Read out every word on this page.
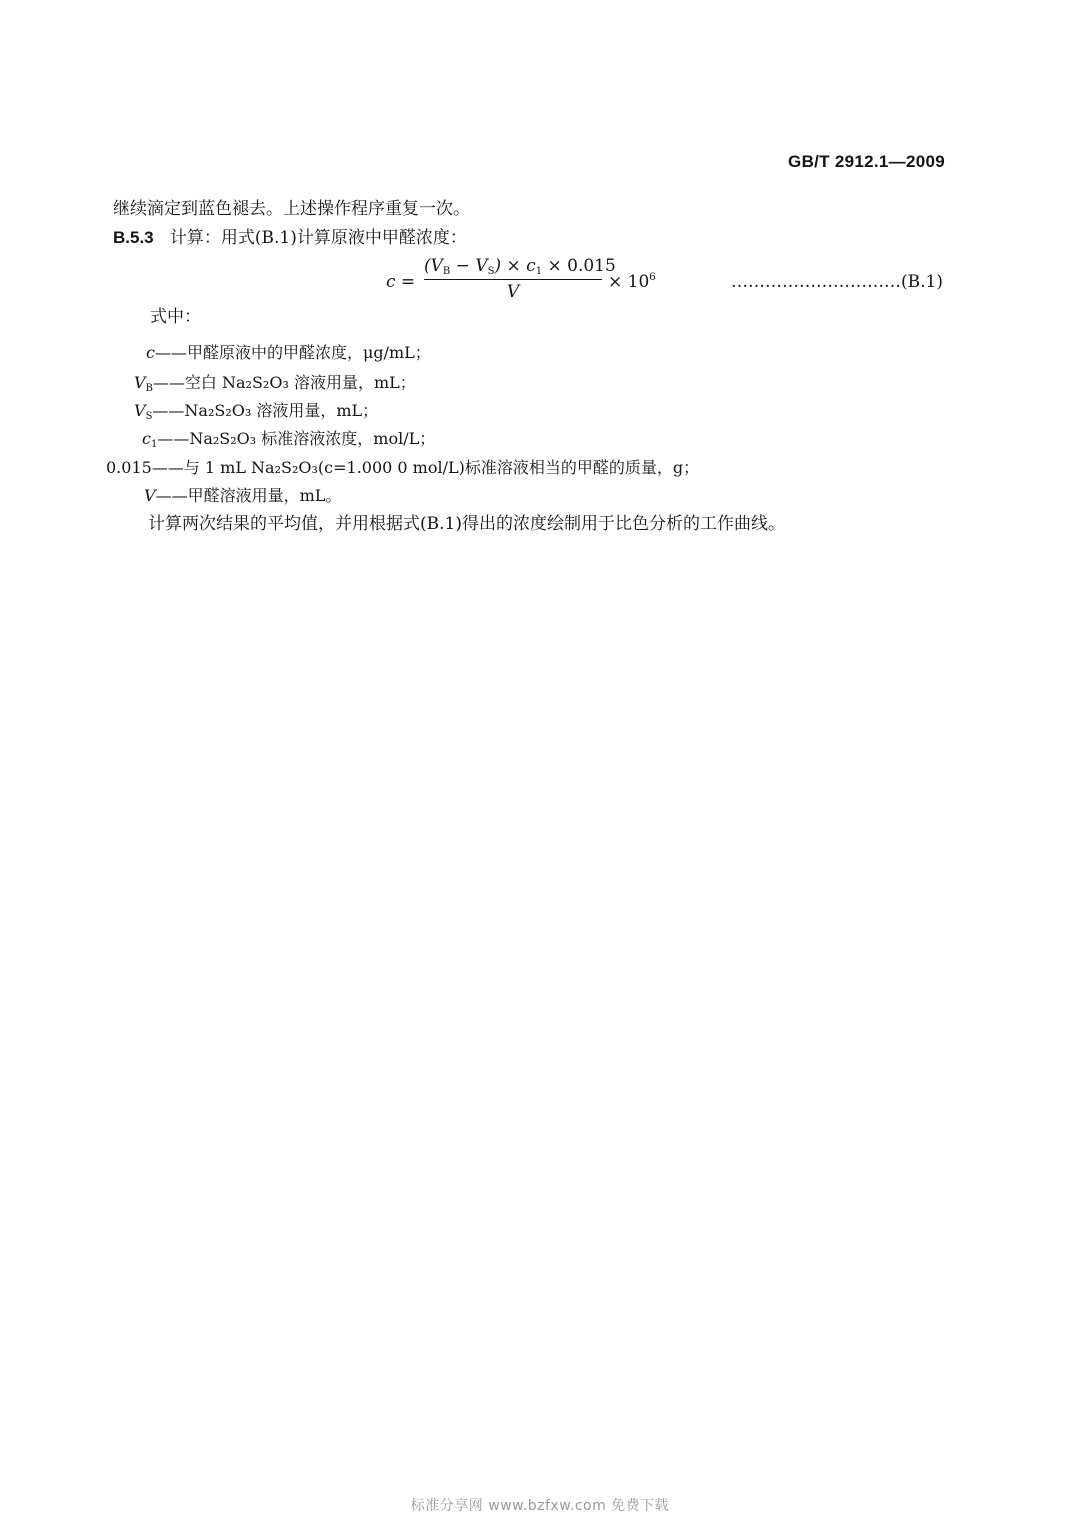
GB/T 2912.1—2009
继续滴定到蓝色褪去。上述操作程序重复一次。
B.5.3 计算：用式(B.1)计算原液中甲醛浓度：
c =
$(V_B - V_S) \times c_1 \times 0.015$
V	× $10^6$	…………………………(B.1)
式中：
c——甲醛原液中的甲醛浓度，μg/mL；
$V_B——$空白 Na₂S₂O₃ 溶液用量，mL；
$V_S——Na_2S_2O_3$ 溶液用量，mL；
$c_1——Na_2S_2O_3$ 标准溶液浓度，mol/L；
0.015——与 1 mL Na₂S₂O₃(c=1.000 0 mol/L)标准溶液相当的甲醛的质量，g；
V——甲醛溶液用量，mL。
计算两次结果的平均值，并用根据式(B.1)得出的浓度绘制用于比色分析的工作曲线。
标准分享网 www.bzfxw.com 免费下载
